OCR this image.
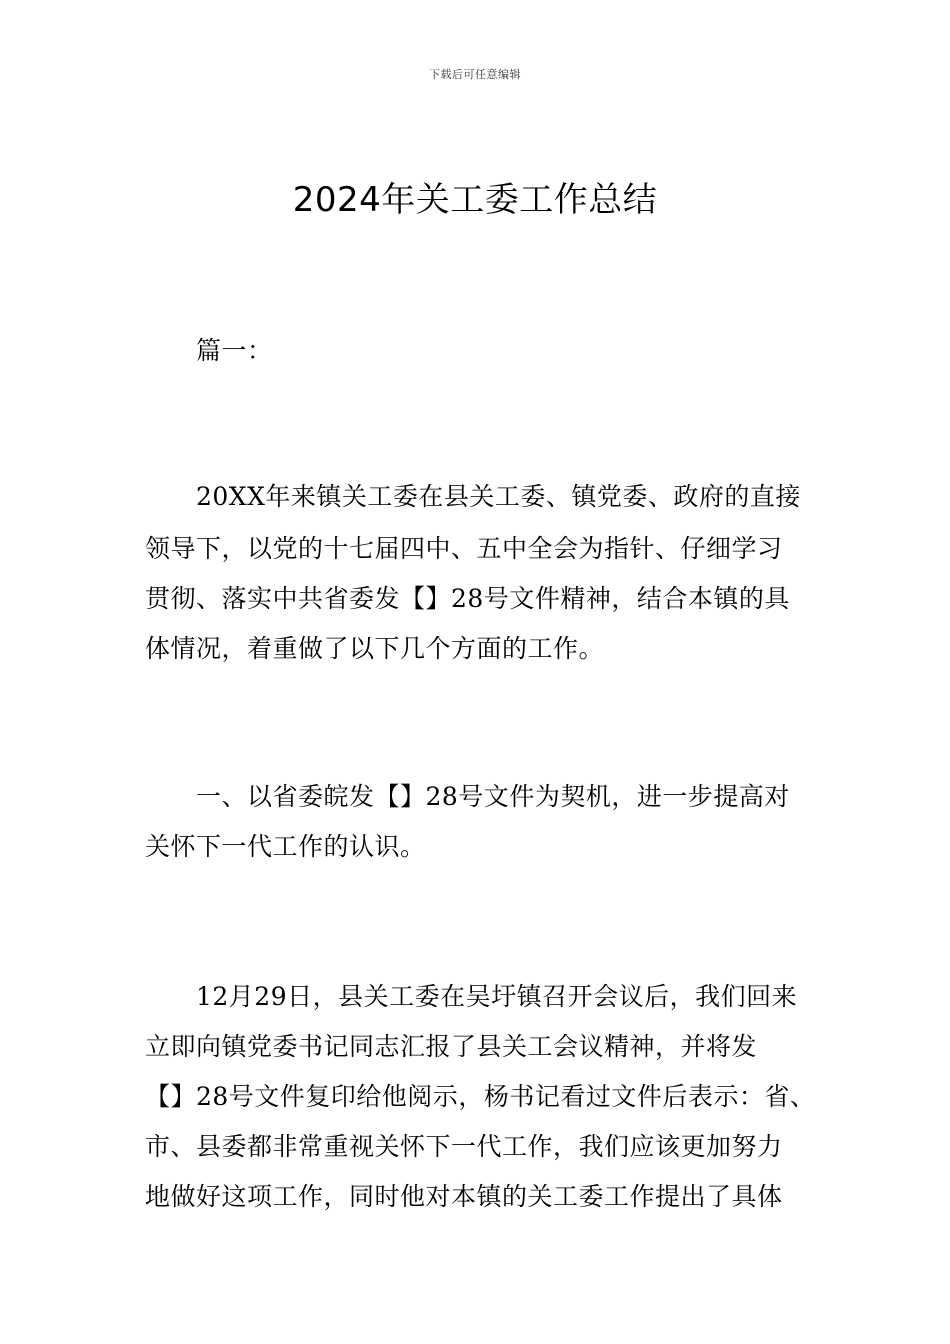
下载后可任意编辑
2024年关工委工作总结

篇一：

20XX年来镇关工委在县关工委、镇党委、政府的直接

领导下，以党的十七届四中、五中全会为指针、仔细学习

贯彻、落实中共省委发【】28号文件精神，结合本镇的具

体情况，着重做了以下几个方面的工作。

一、以省委皖发【】28号文件为契机，进一步提高对

关怀下一代工作的认识。

12月29日，县关工委在吴圩镇召开会议后，我们回来

立即向镇党委书记同志汇报了县关工会议精神，并将发

【】28号文件复印给他阅示，杨书记看过文件后表示：省、

市、县委都非常重视关怀下一代工作，我们应该更加努力

地做好这项工作，同时他对本镇的关工委工作提出了具体
